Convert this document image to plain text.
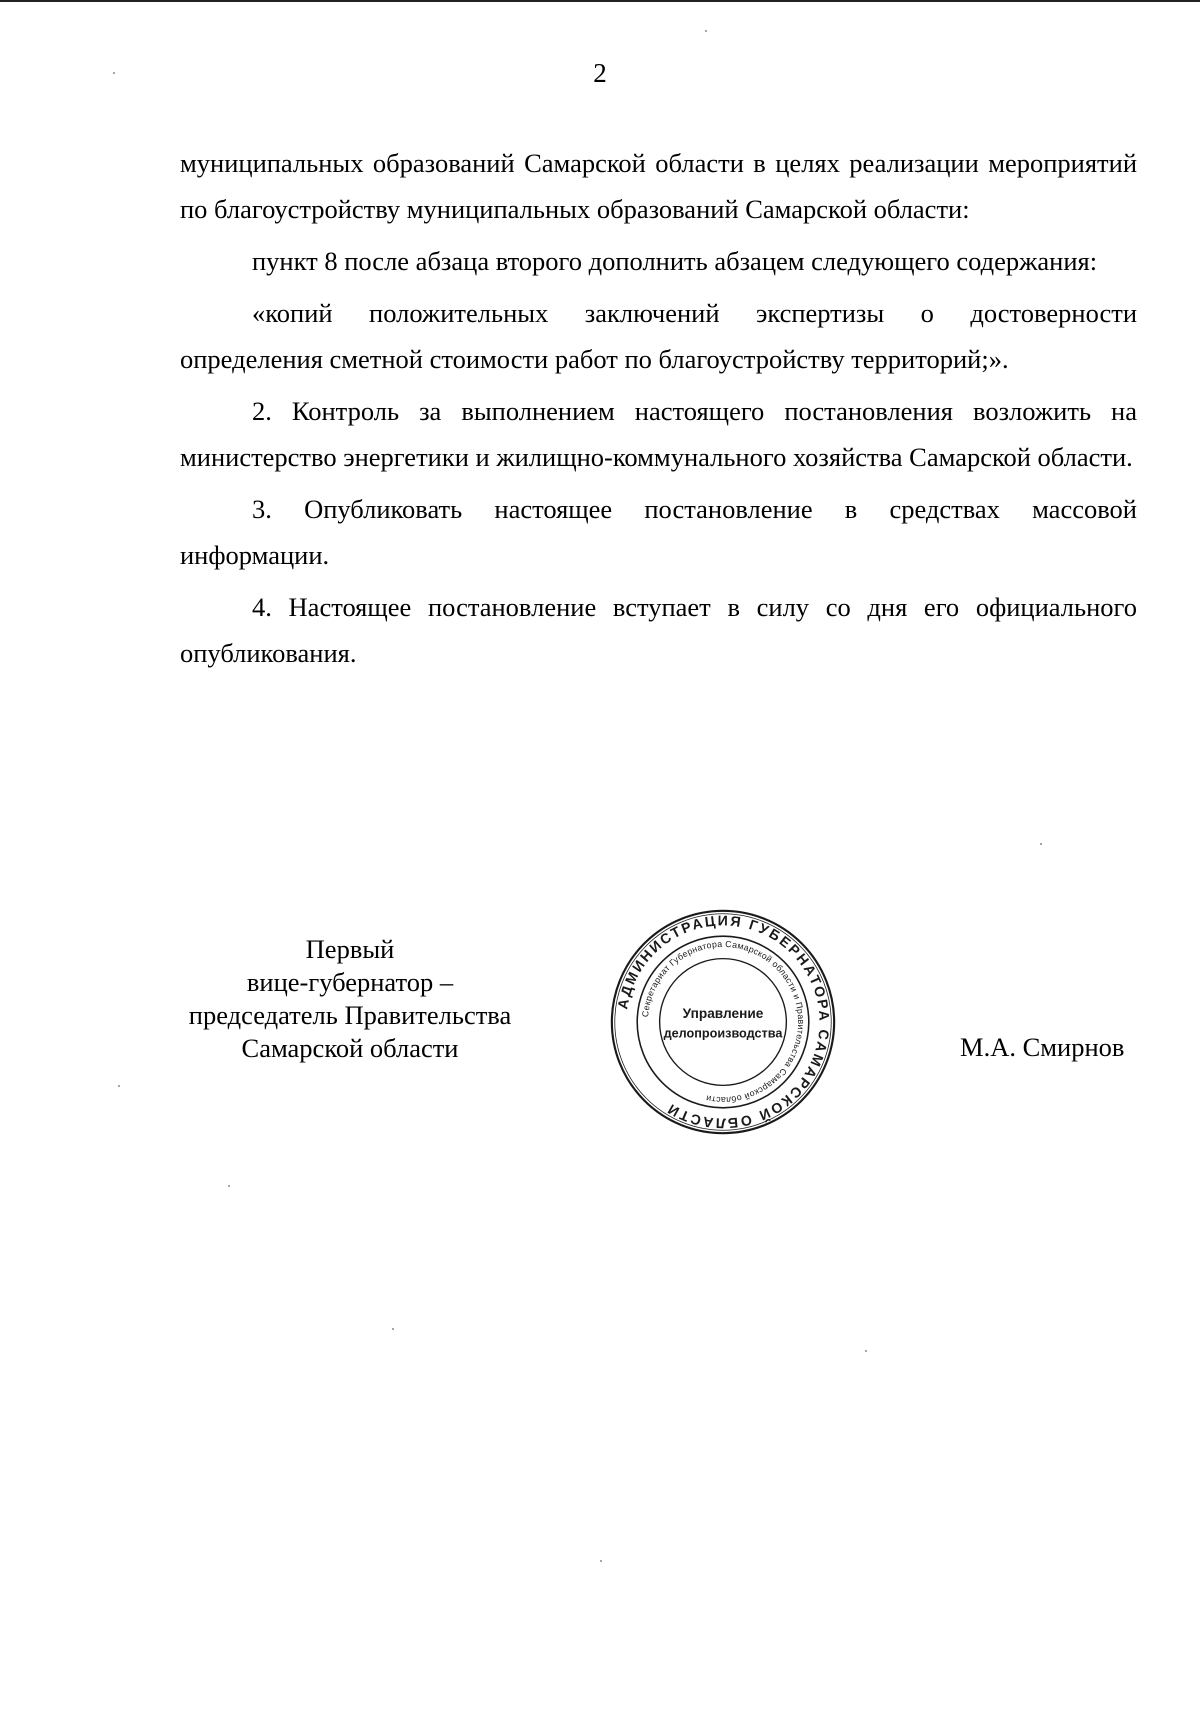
2

муниципальных образований Самарской области в целях реализации мероприятий по благоустройству муниципальных образований Самарской области:

пункт 8 после абзаца второго дополнить абзацем следующего содержания:

«копий положительных заключений экспертизы о достоверности определения сметной стоимости работ по благоустройству территорий;».

2. Контроль за выполнением настоящего постановления возложить на министерство энергетики и жилищно-коммунального хозяйства Самарской области.

3. Опубликовать настоящее постановление в средствах массовой информации.

4. Настоящее постановление вступает в силу со дня его официального опубликования.

Первый
вице-губернатор –
председатель Правительства
Самарской области
АДМИНИСТРАЦИЯ ГУБЕРНАТОРА САМАРСКОЙ ОБЛАСТИ
Секретариат Губернатора Самарской области и Правительства Самарской области
Управление
делопроизводства	М.А. Смирнов
